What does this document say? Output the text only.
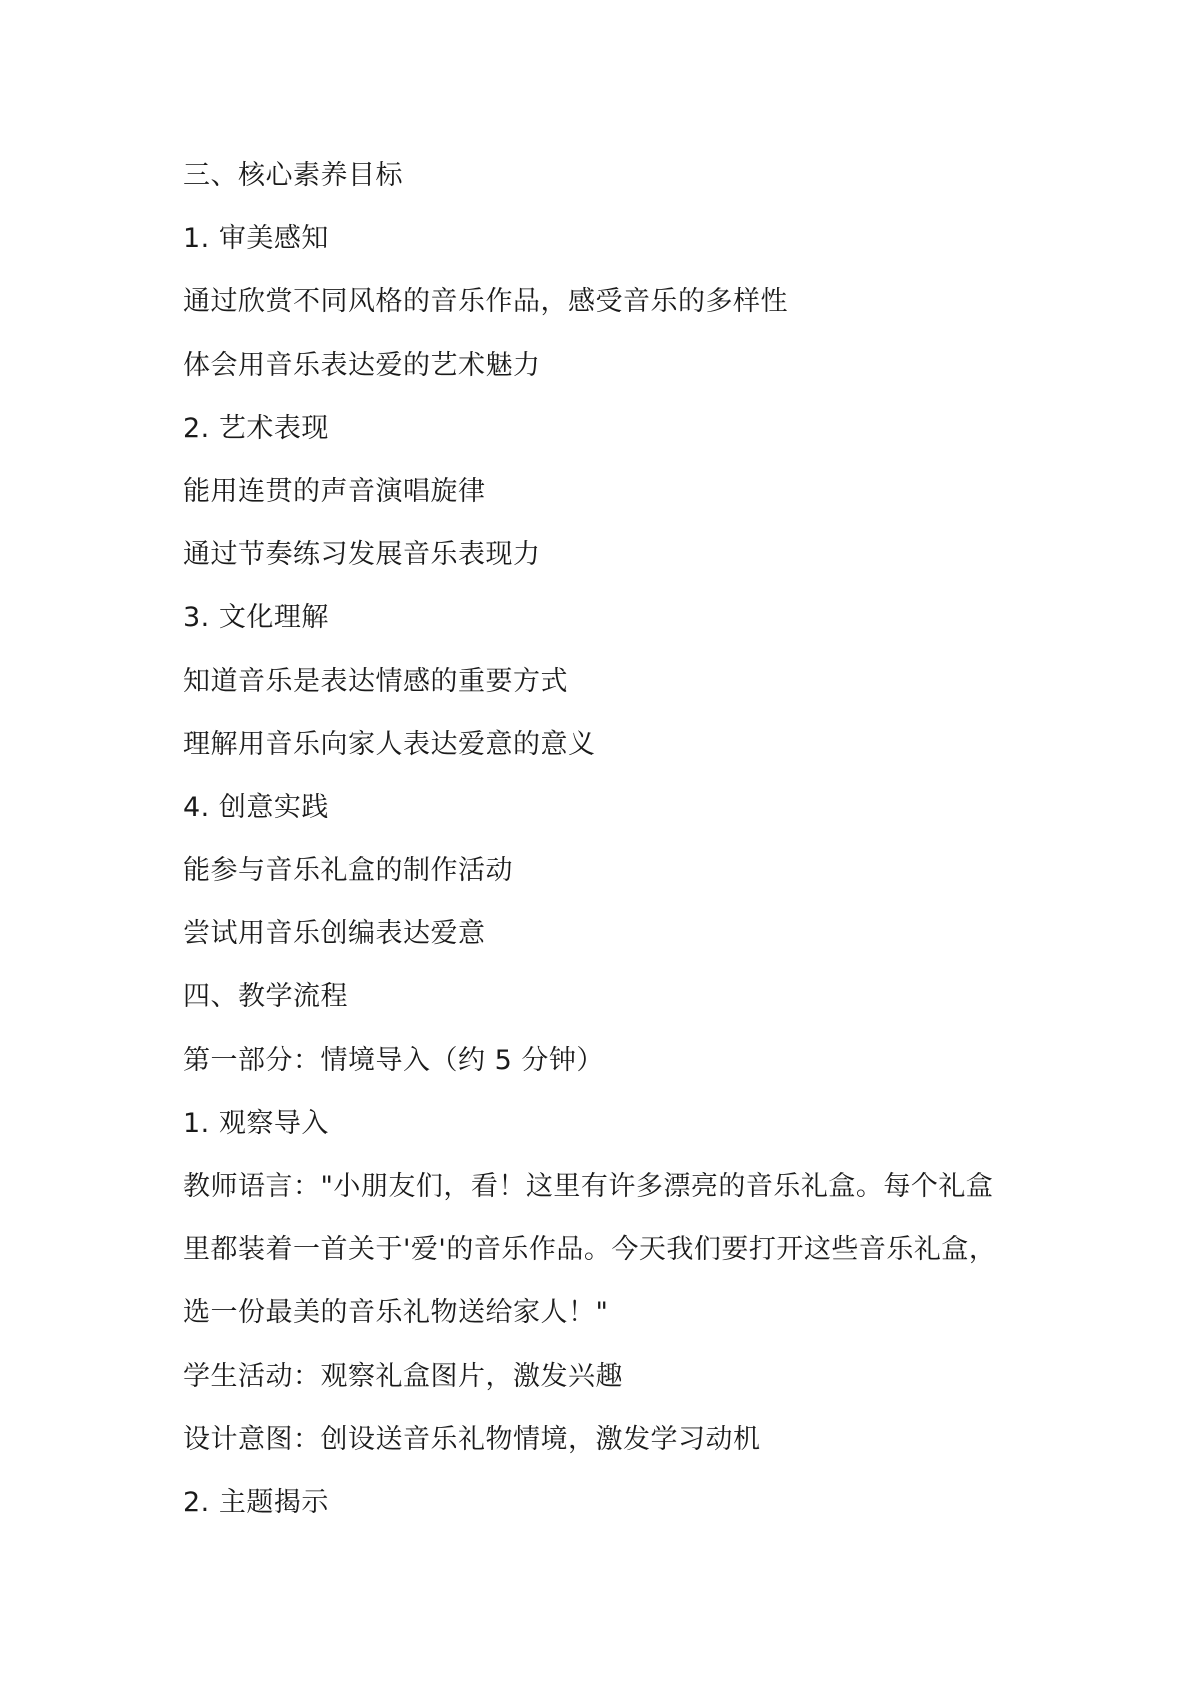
三、核心素养目标

1. 审美感知

通过欣赏不同风格的音乐作品，感受音乐的多样性

体会用音乐表达爱的艺术魅力

2. 艺术表现

能用连贯的声音演唱旋律

通过节奏练习发展音乐表现力

3. 文化理解

知道音乐是表达情感的重要方式

理解用音乐向家人表达爱意的意义

4. 创意实践

能参与音乐礼盒的制作活动

尝试用音乐创编表达爱意

四、教学流程

第一部分：情境导入（约 5 分钟）

1. 观察导入

教师语言："小朋友们，看！这里有许多漂亮的音乐礼盒。每个礼盒

里都装着一首关于'爱'的音乐作品。今天我们要打开这些音乐礼盒，

选一份最美的音乐礼物送给家人！"

学生活动：观察礼盒图片，激发兴趣

设计意图：创设送音乐礼物情境，激发学习动机

2. 主题揭示
